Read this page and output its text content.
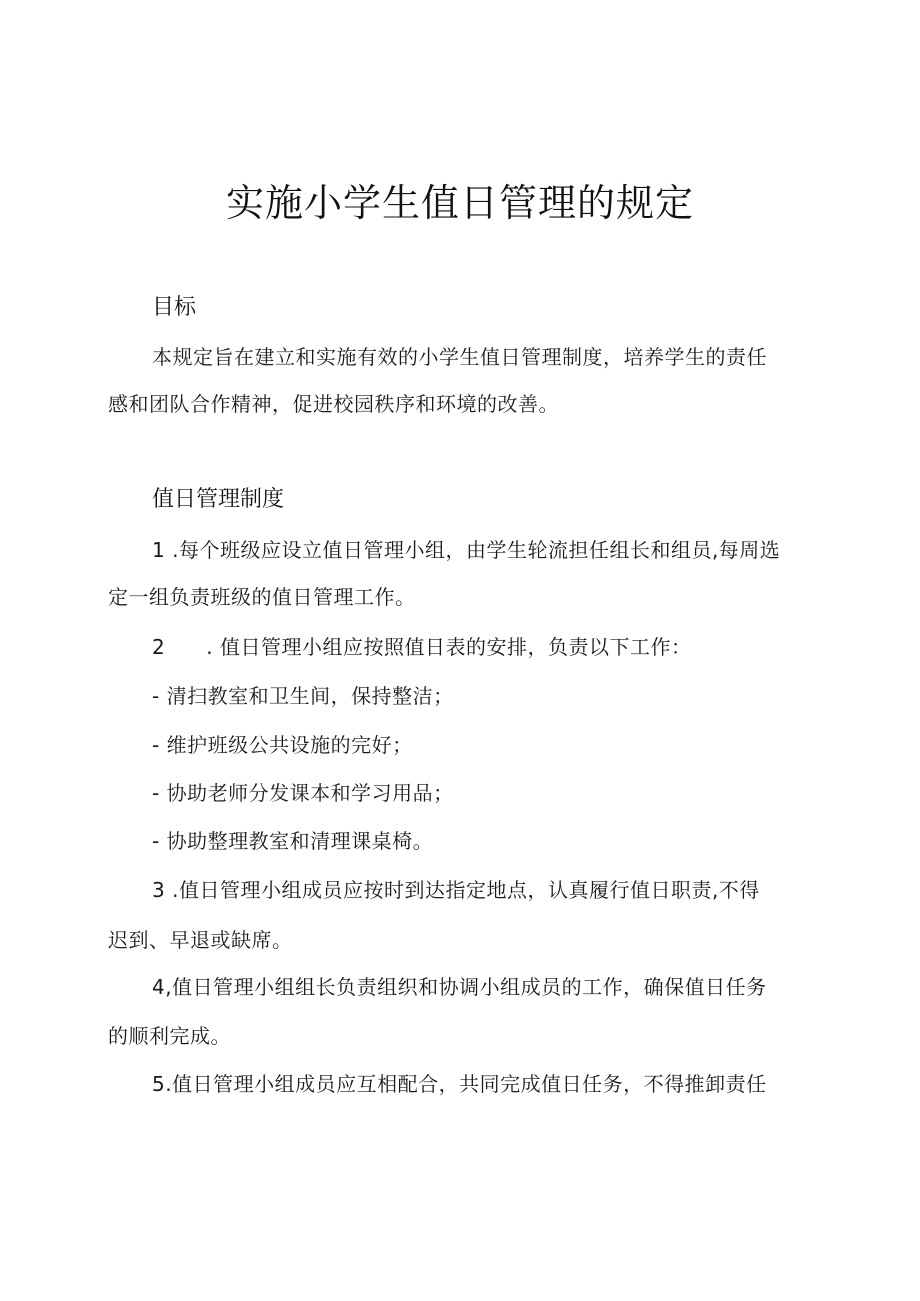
实施小学生值日管理的规定
目标
本规定旨在建立和实施有效的小学生值日管理制度，培养学生的责任
感和团队合作精神，促进校园秩序和环境的改善。
值日管理制度
1 .每个班级应设立值日管理小组，由学生轮流担任组长和组员,每周选
定一组负责班级的值日管理工作。
2　　. 值日管理小组应按照值日表的安排，负责以下工作：
- 清扫教室和卫生间，保持整洁；
- 维护班级公共设施的完好；
- 协助老师分发课本和学习用品；
- 协助整理教室和清理课桌椅。
3 .值日管理小组成员应按时到达指定地点，认真履行值日职责,不得
迟到、早退或缺席。
4,值日管理小组组长负责组织和协调小组成员的工作，确保值日任务
的顺利完成。
5.值日管理小组成员应互相配合，共同完成值日任务，不得推卸责任
